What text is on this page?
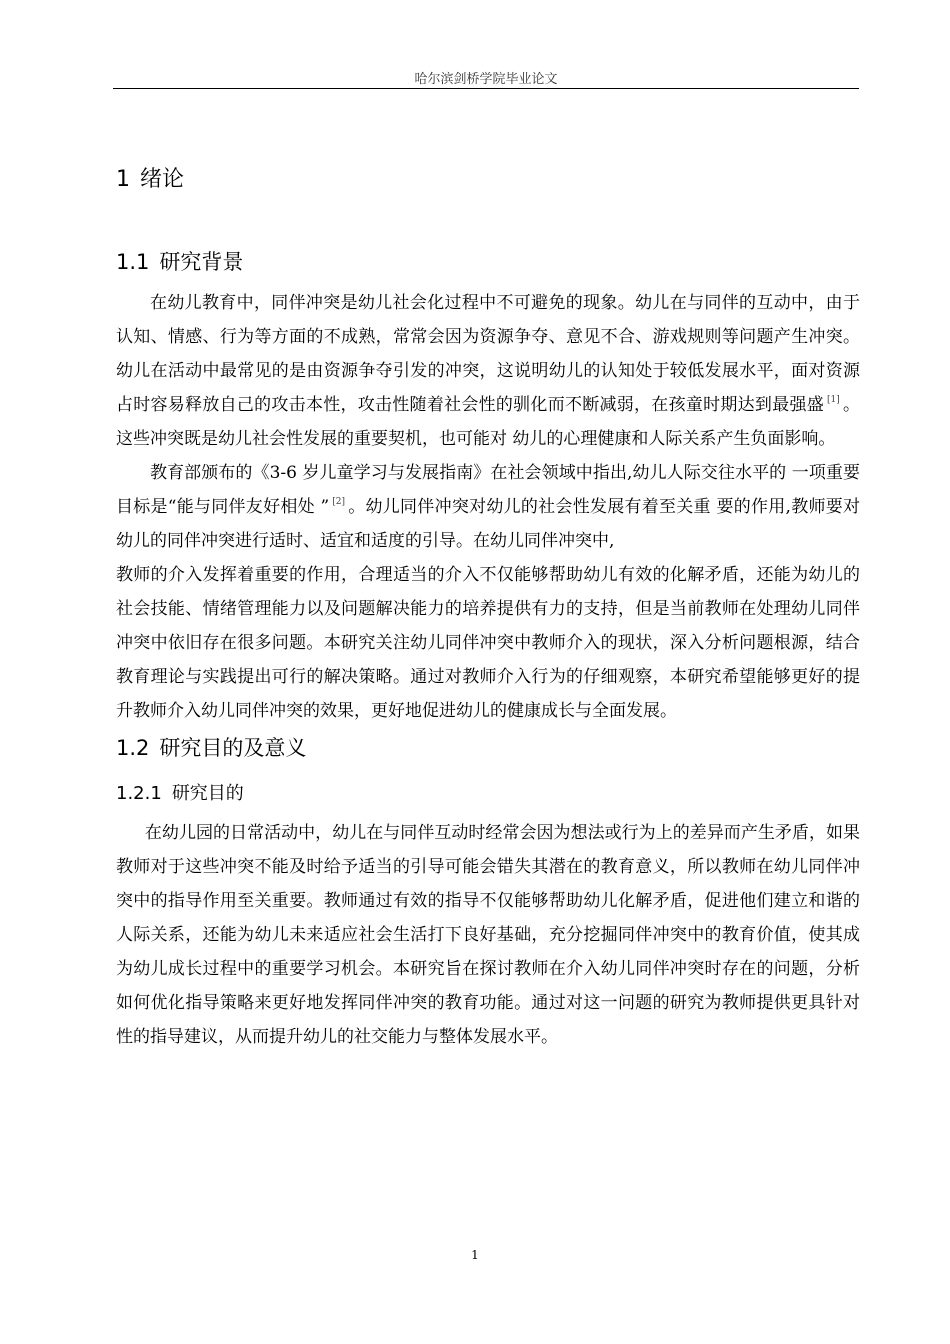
哈尔滨剑桥学院毕业论文
1 绪论
1.1 研究背景

在幼儿教育中，同伴冲突是幼儿社会化过程中不可避免的现象。幼儿在与同伴的互动中，由于认知、情感、行为等方面的不成熟，常常会因为资源争夺、意见不合、游戏规则等问题产生冲突。幼儿在活动中最常见的是由资源争夺引发的冲突，这说明幼儿的认知处于较低发展水平，面对资源占时容易释放自己的攻击本性，攻击性随着社会性的驯化而不断减弱，在孩童时期达到最强盛 [1] 。这些冲突既是幼儿社会性发展的重要契机，也可能对 幼儿的心理健康和人际关系产生负面影响。

教育部颁布的《3-6 岁儿童学习与发展指南》在社会领域中指出,幼儿人际交往水平的 一项重要目标是“能与同伴友好相处 ” [2] 。幼儿同伴冲突对幼儿的社会性发展有着至关重 要的作用,教师要对幼儿的同伴冲突进行适时、适宜和适度的引导。在幼儿同伴冲突中,

教师的介入发挥着重要的作用，合理适当的介入不仅能够帮助幼儿有效的化解矛盾，还能为幼儿的社会技能、情绪管理能力以及问题解决能力的培养提供有力的支持，但是当前教师在处理幼儿同伴冲突中依旧存在很多问题。本研究关注幼儿同伴冲突中教师介入的现状，深入分析问题根源，结合教育理论与实践提出可行的解决策略。通过对教师介入行为的仔细观察，本研究希望能够更好的提升教师介入幼儿同伴冲突的效果，更好地促进幼儿的健康成长与全面发展。

1.2 研究目的及意义
1.2.1 研究目的

在幼儿园的日常活动中，幼儿在与同伴互动时经常会因为想法或行为上的差异而产生矛盾，如果教师对于这些冲突不能及时给予适当的引导可能会错失其潜在的教育意义，所以教师在幼儿同伴冲突中的指导作用至关重要。教师通过有效的指导不仅能够帮助幼儿化解矛盾，促进他们建立和谐的人际关系，还能为幼儿未来适应社会生活打下良好基础，充分挖掘同伴冲突中的教育价值，使其成为幼儿成长过程中的重要学习机会。本研究旨在探讨教师在介入幼儿同伴冲突时存在的问题，分析如何优化指导策略来更好地发挥同伴冲突的教育功能。通过对这一问题的研究为教师提供更具针对性的指导建议，从而提升幼儿的社交能力与整体发展水平。

1
